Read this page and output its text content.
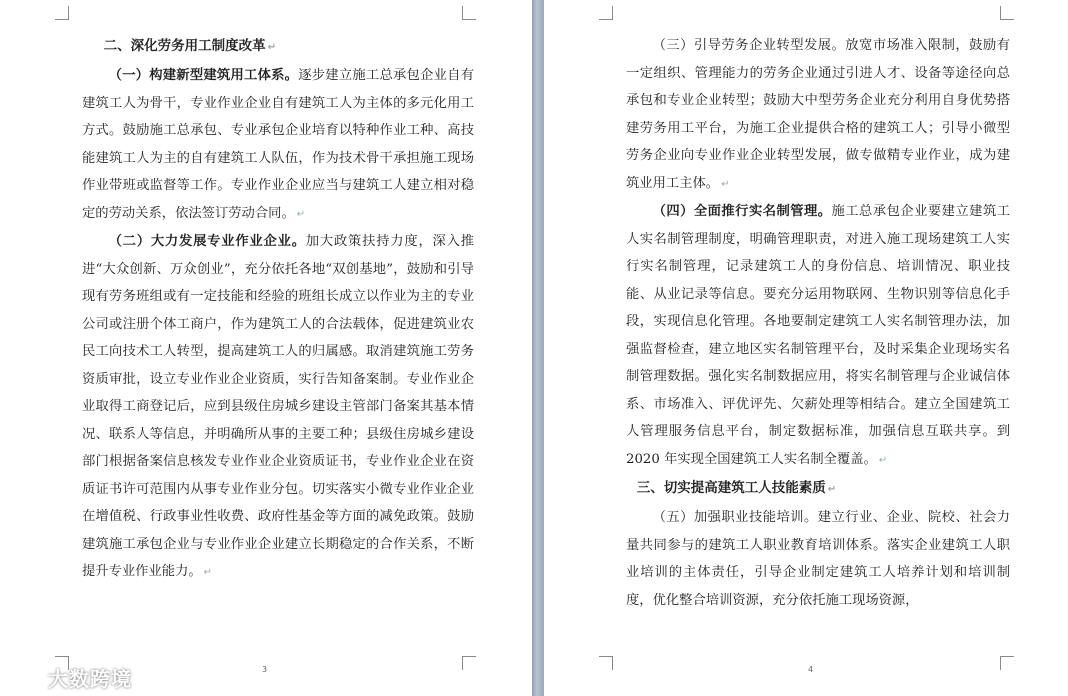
二、深化劳务用工制度改革 ↵

（一）构建新型建筑用工体系。逐步建立施工总承包企业自有建筑工人为骨干，专业作业企业自有建筑工人为主体的多元化用工方式。鼓励施工总承包、专业承包企业培育以特种作业工种、高技能建筑工人为主的自有建筑工人队伍，作为技术骨干承担施工现场作业带班或监督等工作。专业作业企业应当与建筑工人建立相对稳定的劳动关系，依法签订劳动合同。 ↵

（二）大力发展专业作业企业。加大政策扶持力度，深入推进“大众创新、万众创业”，充分依托各地“双创基地”，鼓励和引导现有劳务班组或有一定技能和经验的班组长成立以作业为主的专业公司或注册个体工商户，作为建筑工人的合法载体，促进建筑业农民工向技术工人转型，提高建筑工人的归属感。取消建筑施工劳务资质审批，设立专业作业企业资质，实行告知备案制。专业作业企业取得工商登记后，应到县级住房城乡建设主管部门备案其基本情况、联系人等信息，并明确所从事的主要工种；县级住房城乡建设部门根据备案信息核发专业作业企业资质证书，专业作业企业在资质证书许可范围内从事专业作业分包。切实落实小微专业作业企业在增值税、行政事业性收费、政府性基金等方面的减免政策。鼓励建筑施工承包企业与专业作业企业建立长期稳定的合作关系，不断提升专业作业能力。 ↵

3
大数跨境

（三）引导劳务企业转型发展。放宽市场准入限制，鼓励有一定组织、管理能力的劳务企业通过引进人才、设备等途径向总承包和专业企业转型；鼓励大中型劳务企业充分利用自身优势搭建劳务用工平台，为施工企业提供合格的建筑工人；引导小微型劳务企业向专业作业企业转型发展，做专做精专业作业，成为建筑业用工主体。 ↵

（四）全面推行实名制管理。施工总承包企业要建立建筑工人实名制管理制度，明确管理职责，对进入施工现场建筑工人实行实名制管理，记录建筑工人的身份信息、培训情况、职业技能、从业记录等信息。要充分运用物联网、生物识别等信息化手段，实现信息化管理。各地要制定建筑工人实名制管理办法，加强监督检查，建立地区实名制管理平台，及时采集企业现场实名制管理数据。强化实名制数据应用，将实名制管理与企业诚信体系、市场准入、评优评先、欠薪处理等相结合。建立全国建筑工人管理服务信息平台，制定数据标准，加强信息互联共享。到 2020 年实现全国建筑工人实名制全覆盖。 ↵

三、切实提高建筑工人技能素质 ↵

（五）加强职业技能培训。建立行业、企业、院校、社会力量共同参与的建筑工人职业教育培训体系。落实企业建筑工人职业培训的主体责任，引导企业制定建筑工人培养计划和培训制度，优化整合培训资源，充分依托施工现场资源，

4
